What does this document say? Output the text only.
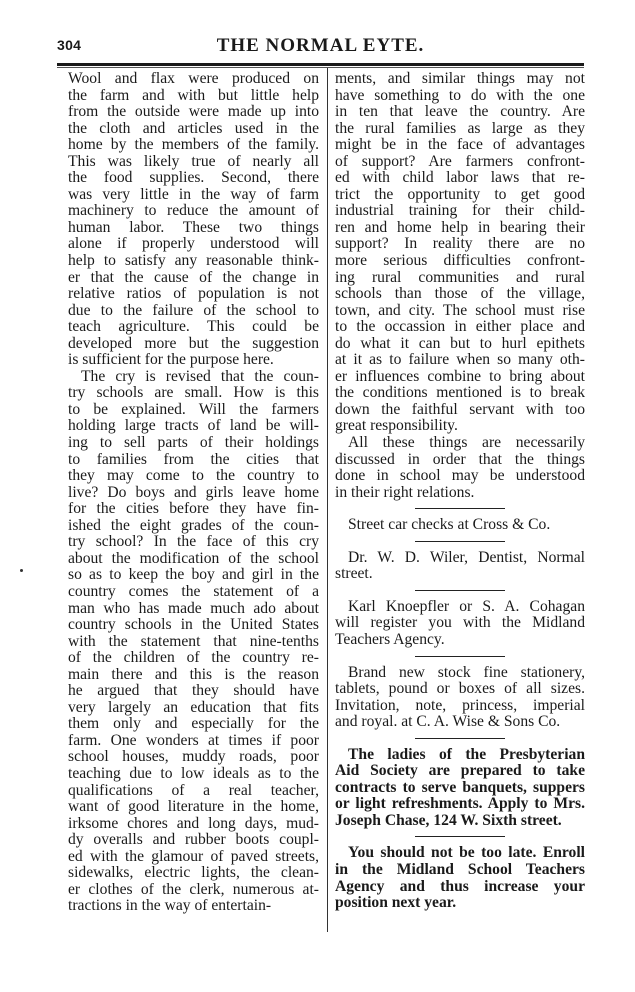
304	THE NORMAL EYTE.
Wool and flax were produced on
the farm and with but little help
from the outside were made up into
the cloth and articles used in the
home by the members of the family.
This was likely true of nearly all
the food supplies. Second, there
was very little in the way of farm
machinery to reduce the amount of
human labor. These two things
alone if properly understood will
help to satisfy any reasonable think-
er that the cause of the change in
relative ratios of population is not
due to the failure of the school to
teach agriculture. This could be
developed more but the suggestion
is sufficient for the purpose here.
The cry is revised that the coun-
try schools are small. How is this
to be explained. Will the farmers
holding large tracts of land be will-
ing to sell parts of their holdings
to families from the cities that
they may come to the country to
live? Do boys and girls leave home
for the cities before they have fin-
ished the eight grades of the coun-
try school? In the face of this cry
about the modification of the school
so as to keep the boy and girl in the
country comes the statement of a
man who has made much ado about
country schools in the United States
with the statement that nine-tenths
of the children of the country re-
main there and this is the reason
he argued that they should have
very largely an education that fits
them only and especially for the
farm. One wonders at times if poor
school houses, muddy roads, poor
teaching due to low ideals as to the
qualifications of a real teacher,
want of good literature in the home,
irksome chores and long days, mud-
dy overalls and rubber boots coupl-
ed with the glamour of paved streets,
sidewalks, electric lights, the clean-
er clothes of the clerk, numerous at-
tractions in the way of entertain-
ments, and similar things may not
have something to do with the one
in ten that leave the country. Are
the rural families as large as they
might be in the face of advantages
of support? Are farmers confront-
ed with child labor laws that re-
trict the opportunity to get good
industrial training for their child-
ren and home help in bearing their
support? In reality there are no
more serious difficulties confront-
ing rural communities and rural
schools than those of the village,
town, and city. The school must rise
to the occassion in either place and
do what it can but to hurl epithets
at it as to failure when so many oth-
er influences combine to bring about
the conditions mentioned is to break
down the faithful servant with too
great responsibility.
All these things are necessarily
discussed in order that the things
done in school may be understood
in their right relations.
Street car checks at Cross & Co.
Dr. W. D. Wiler, Dentist, Normal
street.
Karl Knoepfler or S. A. Cohagan
will register you with the Midland
Teachers Agency.
Brand new stock fine stationery,
tablets, pound or boxes of all sizes.
Invitation, note, princess, imperial
and royal. at C. A. Wise & Sons Co.
The ladies of the Presbyterian
Aid Society are prepared to take
contracts to serve banquets, suppers
or light refreshments. Apply to Mrs.
Joseph Chase, 124 W. Sixth street.
You should not be too late. Enroll
in the Midland School Teachers
Agency and thus increase your
position next year.
